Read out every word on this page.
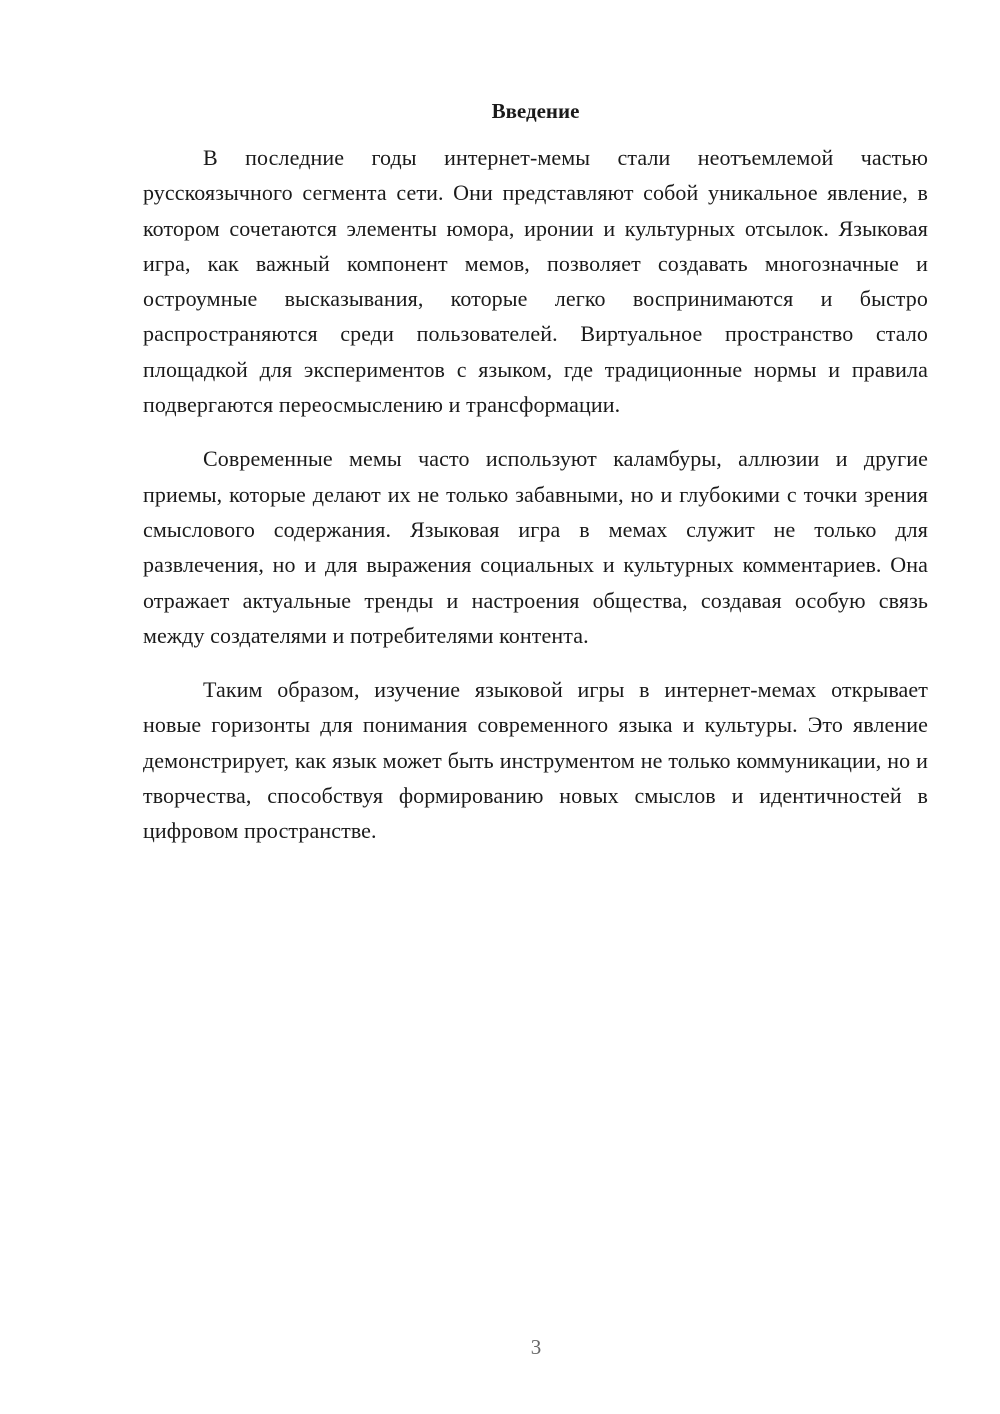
Введение

В последние годы интернет-мемы стали неотъемлемой частью русскоязычного сегмента сети. Они представляют собой уникальное явление, в котором сочетаются элементы юмора, иронии и культурных отсылок. Языковая игра, как важный компонент мемов, позволяет создавать многозначные и остроумные высказывания, которые легко воспринимаются и быстро распространяются среди пользователей. Виртуальное пространство стало площадкой для экспериментов с языком, где традиционные нормы и правила подвергаются переосмыслению и трансформации.

Современные мемы часто используют каламбуры, аллюзии и другие приемы, которые делают их не только забавными, но и глубокими с точки зрения смыслового содержания. Языковая игра в мемах служит не только для развлечения, но и для выражения социальных и культурных комментариев. Она отражает актуальные тренды и настроения общества, создавая особую связь между создателями и потребителями контента.

Таким образом, изучение языковой игры в интернет-мемах открывает новые горизонты для понимания современного языка и культуры. Это явление демонстрирует, как язык может быть инструментом не только коммуникации, но и творчества, способствуя формированию новых смыслов и идентичностей в цифровом пространстве.

3
